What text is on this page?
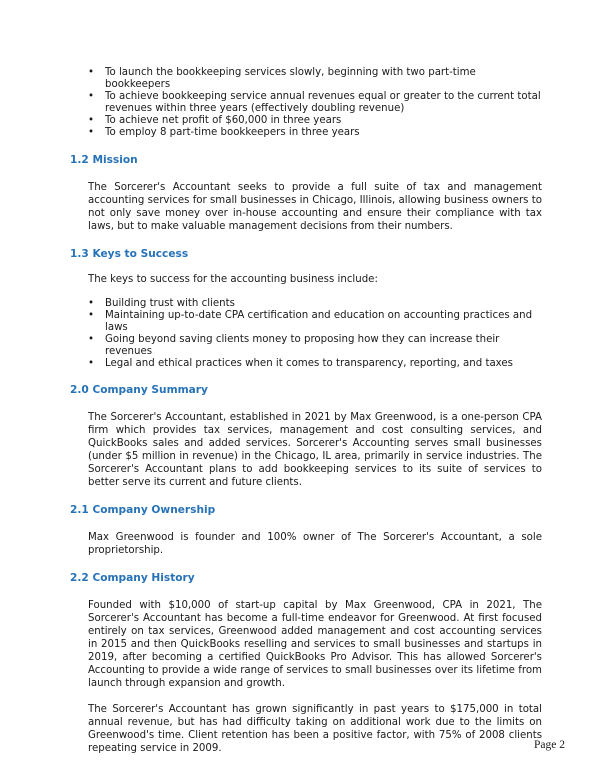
• To launch the bookkeeping services slowly, beginning with two part-time bookkeepers
• To achieve bookkeeping service annual revenues equal or greater to the current total
revenues within three years (effectively doubling revenue)
• To achieve net profit of $60,000 in three years
• To employ 8 part-time bookkeepers in three years
1.2 Mission

The Sorcerer's Accountant seeks to provide a full suite of tax and management accounting services for small businesses in Chicago, Illinois, allowing business owners to not only save money over in-house accounting and ensure their compliance with tax laws, but to make valuable management decisions from their numbers.

1.3 Keys to Success

The keys to success for the accounting business include:

• Building trust with clients
• Maintaining up-to-date CPA certification and education on accounting practices and laws
• Going beyond saving clients money to proposing how they can increase their revenues
• Legal and ethical practices when it comes to transparency, reporting, and taxes
2.0 Company Summary

The Sorcerer's Accountant, established in 2021 by Max Greenwood, is a one-person CPA firm which provides tax services, management and cost consulting services, and QuickBooks sales and added services. Sorcerer's Accounting serves small businesses (under $5 million in revenue) in the Chicago, IL area, primarily in service industries. The Sorcerer's Accountant plans to add bookkeeping services to its suite of services to better serve its current and future clients.

2.1 Company Ownership

Max Greenwood is founder and 100% owner of The Sorcerer's Accountant, a sole proprietorship.

2.2 Company History

Founded with $10,000 of start-up capital by Max Greenwood, CPA in 2021, The Sorcerer's Accountant has become a full-time endeavor for Greenwood. At first focused entirely on tax services, Greenwood added management and cost accounting services in 2015 and then QuickBooks reselling and services to small businesses and startups in 2019, after becoming a certified QuickBooks Pro Advisor. This has allowed Sorcerer's Accounting to provide a wide range of services to small businesses over its lifetime from launch through expansion and growth.

The Sorcerer's Accountant has grown significantly in past years to $175,000 in total annual revenue, but has had difficulty taking on additional work due to the limits on Greenwood's time. Client retention has been a positive factor, with 75% of 2008 clients repeating service in 2009.	Page 2
